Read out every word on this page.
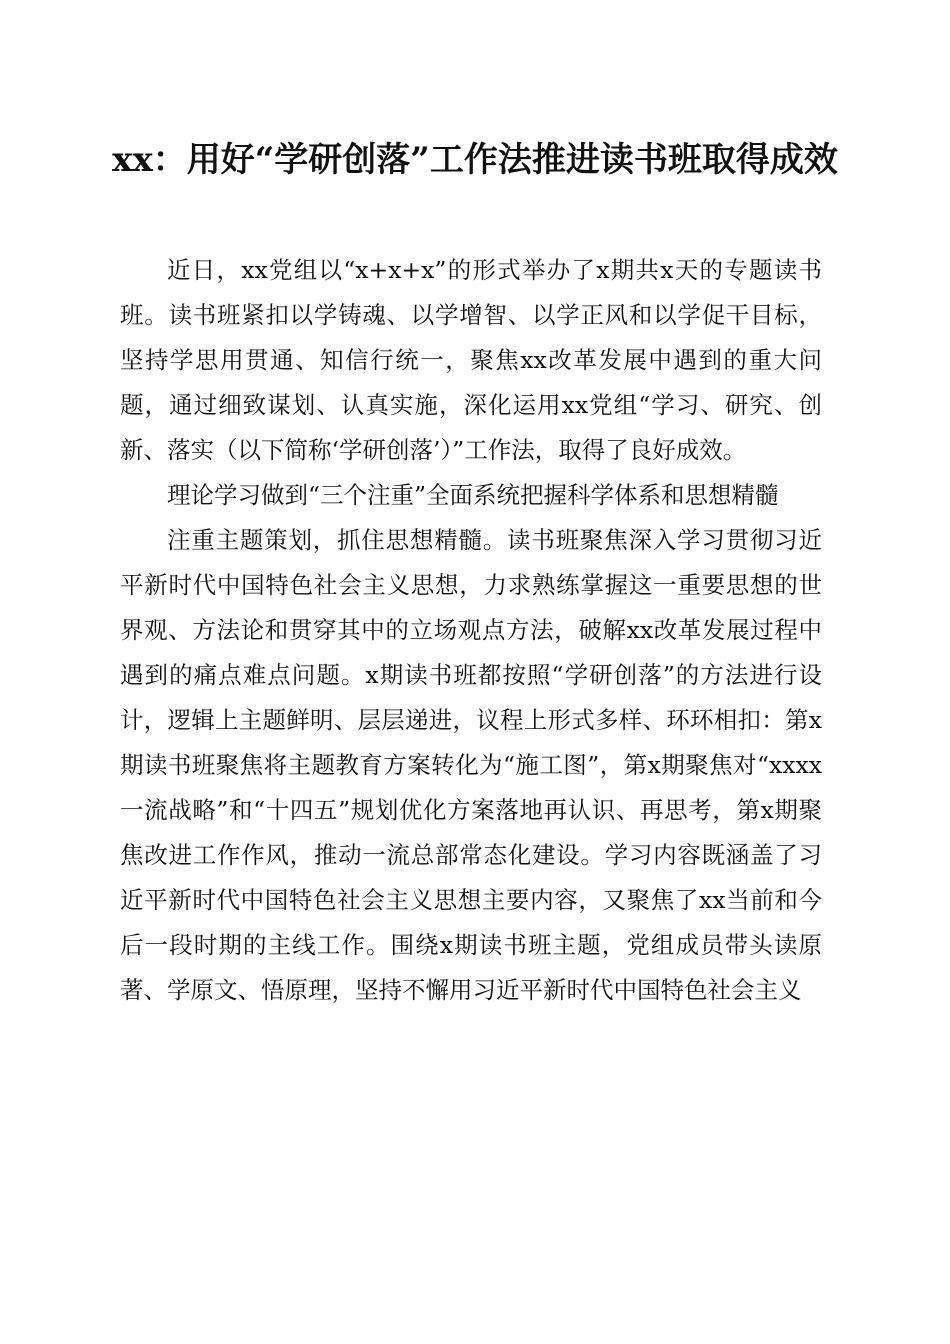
xx：用好“学研创落”工作法推进读书班取得成效

近日，xx党组以“x+x+x”的形式举办了x期共x天的专题读书班。读书班紧扣以学铸魂、以学增智、以学正风和以学促干目标，坚持学思用贯通、知信行统一，聚焦xx改革发展中遇到的重大问题，通过细致谋划、认真实施，深化运用xx党组“学习、研究、创新、落实（以下简称‘学研创落’）”工作法，取得了良好成效。

理论学习做到“三个注重”全面系统把握科学体系和思想精髓

注重主题策划，抓住思想精髓。读书班聚焦深入学习贯彻习近平新时代中国特色社会主义思想，力求熟练掌握这一重要思想的世界观、方法论和贯穿其中的立场观点方法，破解xx改革发展过程中遇到的痛点难点问题。x期读书班都按照“学研创落”的方法进行设计，逻辑上主题鲜明、层层递进，议程上形式多样、环环相扣：第x期读书班聚焦将主题教育方案转化为“施工图”，第x期聚焦对“xxxx一流战略”和“十四五”规划优化方案落地再认识、再思考，第x期聚焦改进工作作风，推动一流总部常态化建设。学习内容既涵盖了习近平新时代中国特色社会主义思想主要内容，又聚焦了xx当前和今后一段时期的主线工作。围绕x期读书班主题，党组成员带头读原著、学原文、悟原理，坚持不懈用习近平新时代中国特色社会主义
